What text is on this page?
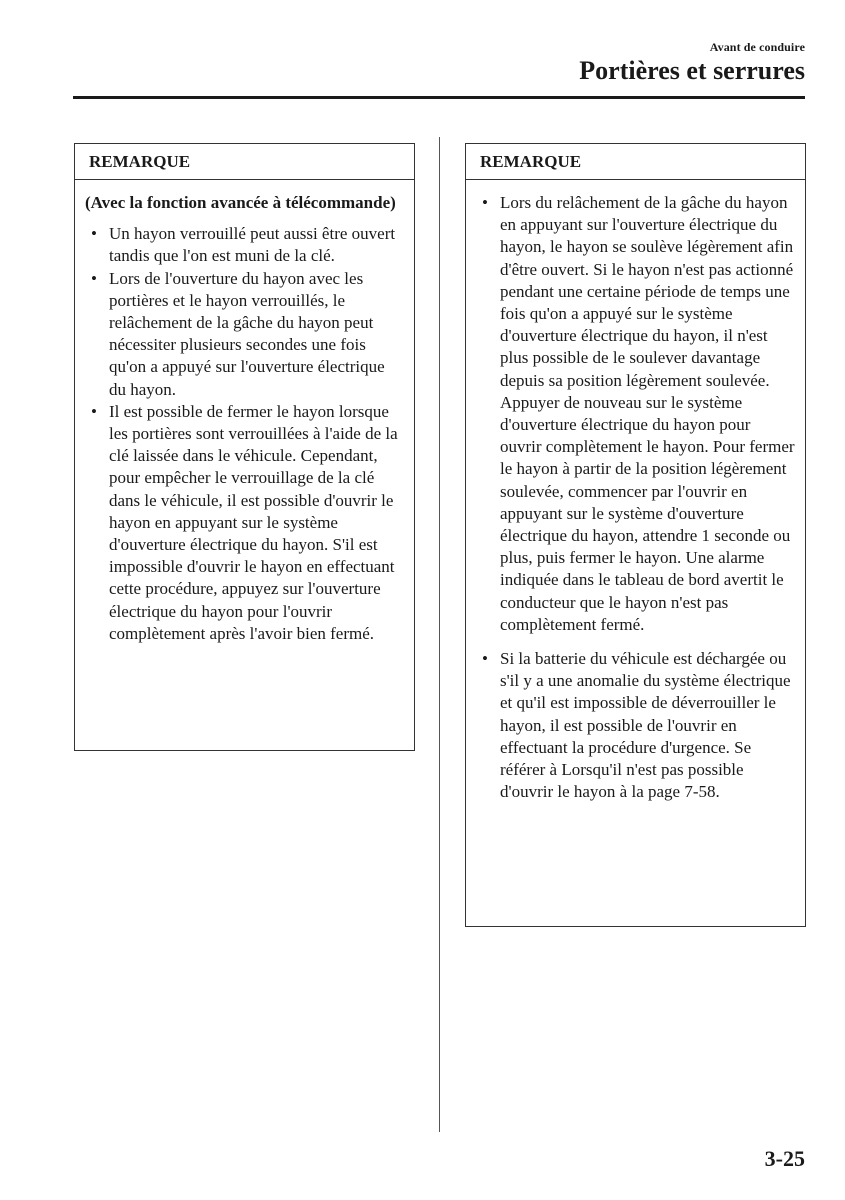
Avant de conduire
Portières et serrures
REMARQUE

(Avec la fonction avancée à télécommande)

• Un hayon verrouillé peut aussi être ouvert tandis que l'on est muni de la clé.
• Lors de l'ouverture du hayon avec les portières et le hayon verrouillés, le relâchement de la gâche du hayon peut nécessiter plusieurs secondes une fois qu'on a appuyé sur l'ouverture électrique du hayon.
• Il est possible de fermer le hayon lorsque les portières sont verrouillées à l'aide de la clé laissée dans le véhicule. Cependant, pour empêcher le verrouillage de la clé dans le véhicule, il est possible d'ouvrir le hayon en appuyant sur le système d'ouverture électrique du hayon. S'il est impossible d'ouvrir le hayon en effectuant cette procédure, appuyez sur l'ouverture électrique du hayon pour l'ouvrir complètement après l'avoir bien fermé.
REMARQUE
• Lors du relâchement de la gâche du hayon en appuyant sur l'ouverture électrique du hayon, le hayon se soulève légèrement afin d'être ouvert. Si le hayon n'est pas actionné pendant une certaine période de temps une fois qu'on a appuyé sur le système d'ouverture électrique du hayon, il n'est plus possible de le soulever davantage depuis sa position légèrement soulevée. Appuyer de nouveau sur le système d'ouverture électrique du hayon pour ouvrir complètement le hayon. Pour fermer le hayon à partir de la position légèrement soulevée, commencer par l'ouvrir en appuyant sur le système d'ouverture électrique du hayon, attendre 1 seconde ou plus, puis fermer le hayon. Une alarme indiquée dans le tableau de bord avertit le conducteur que le hayon n'est pas complètement fermé.
• Si la batterie du véhicule est déchargée ou s'il y a une anomalie du système électrique et qu'il est impossible de déverrouiller le hayon, il est possible de l'ouvrir en effectuant la procédure d'urgence. Se référer à Lorsqu'il n'est pas possible d'ouvrir le hayon à la page 7-58.
3-25
